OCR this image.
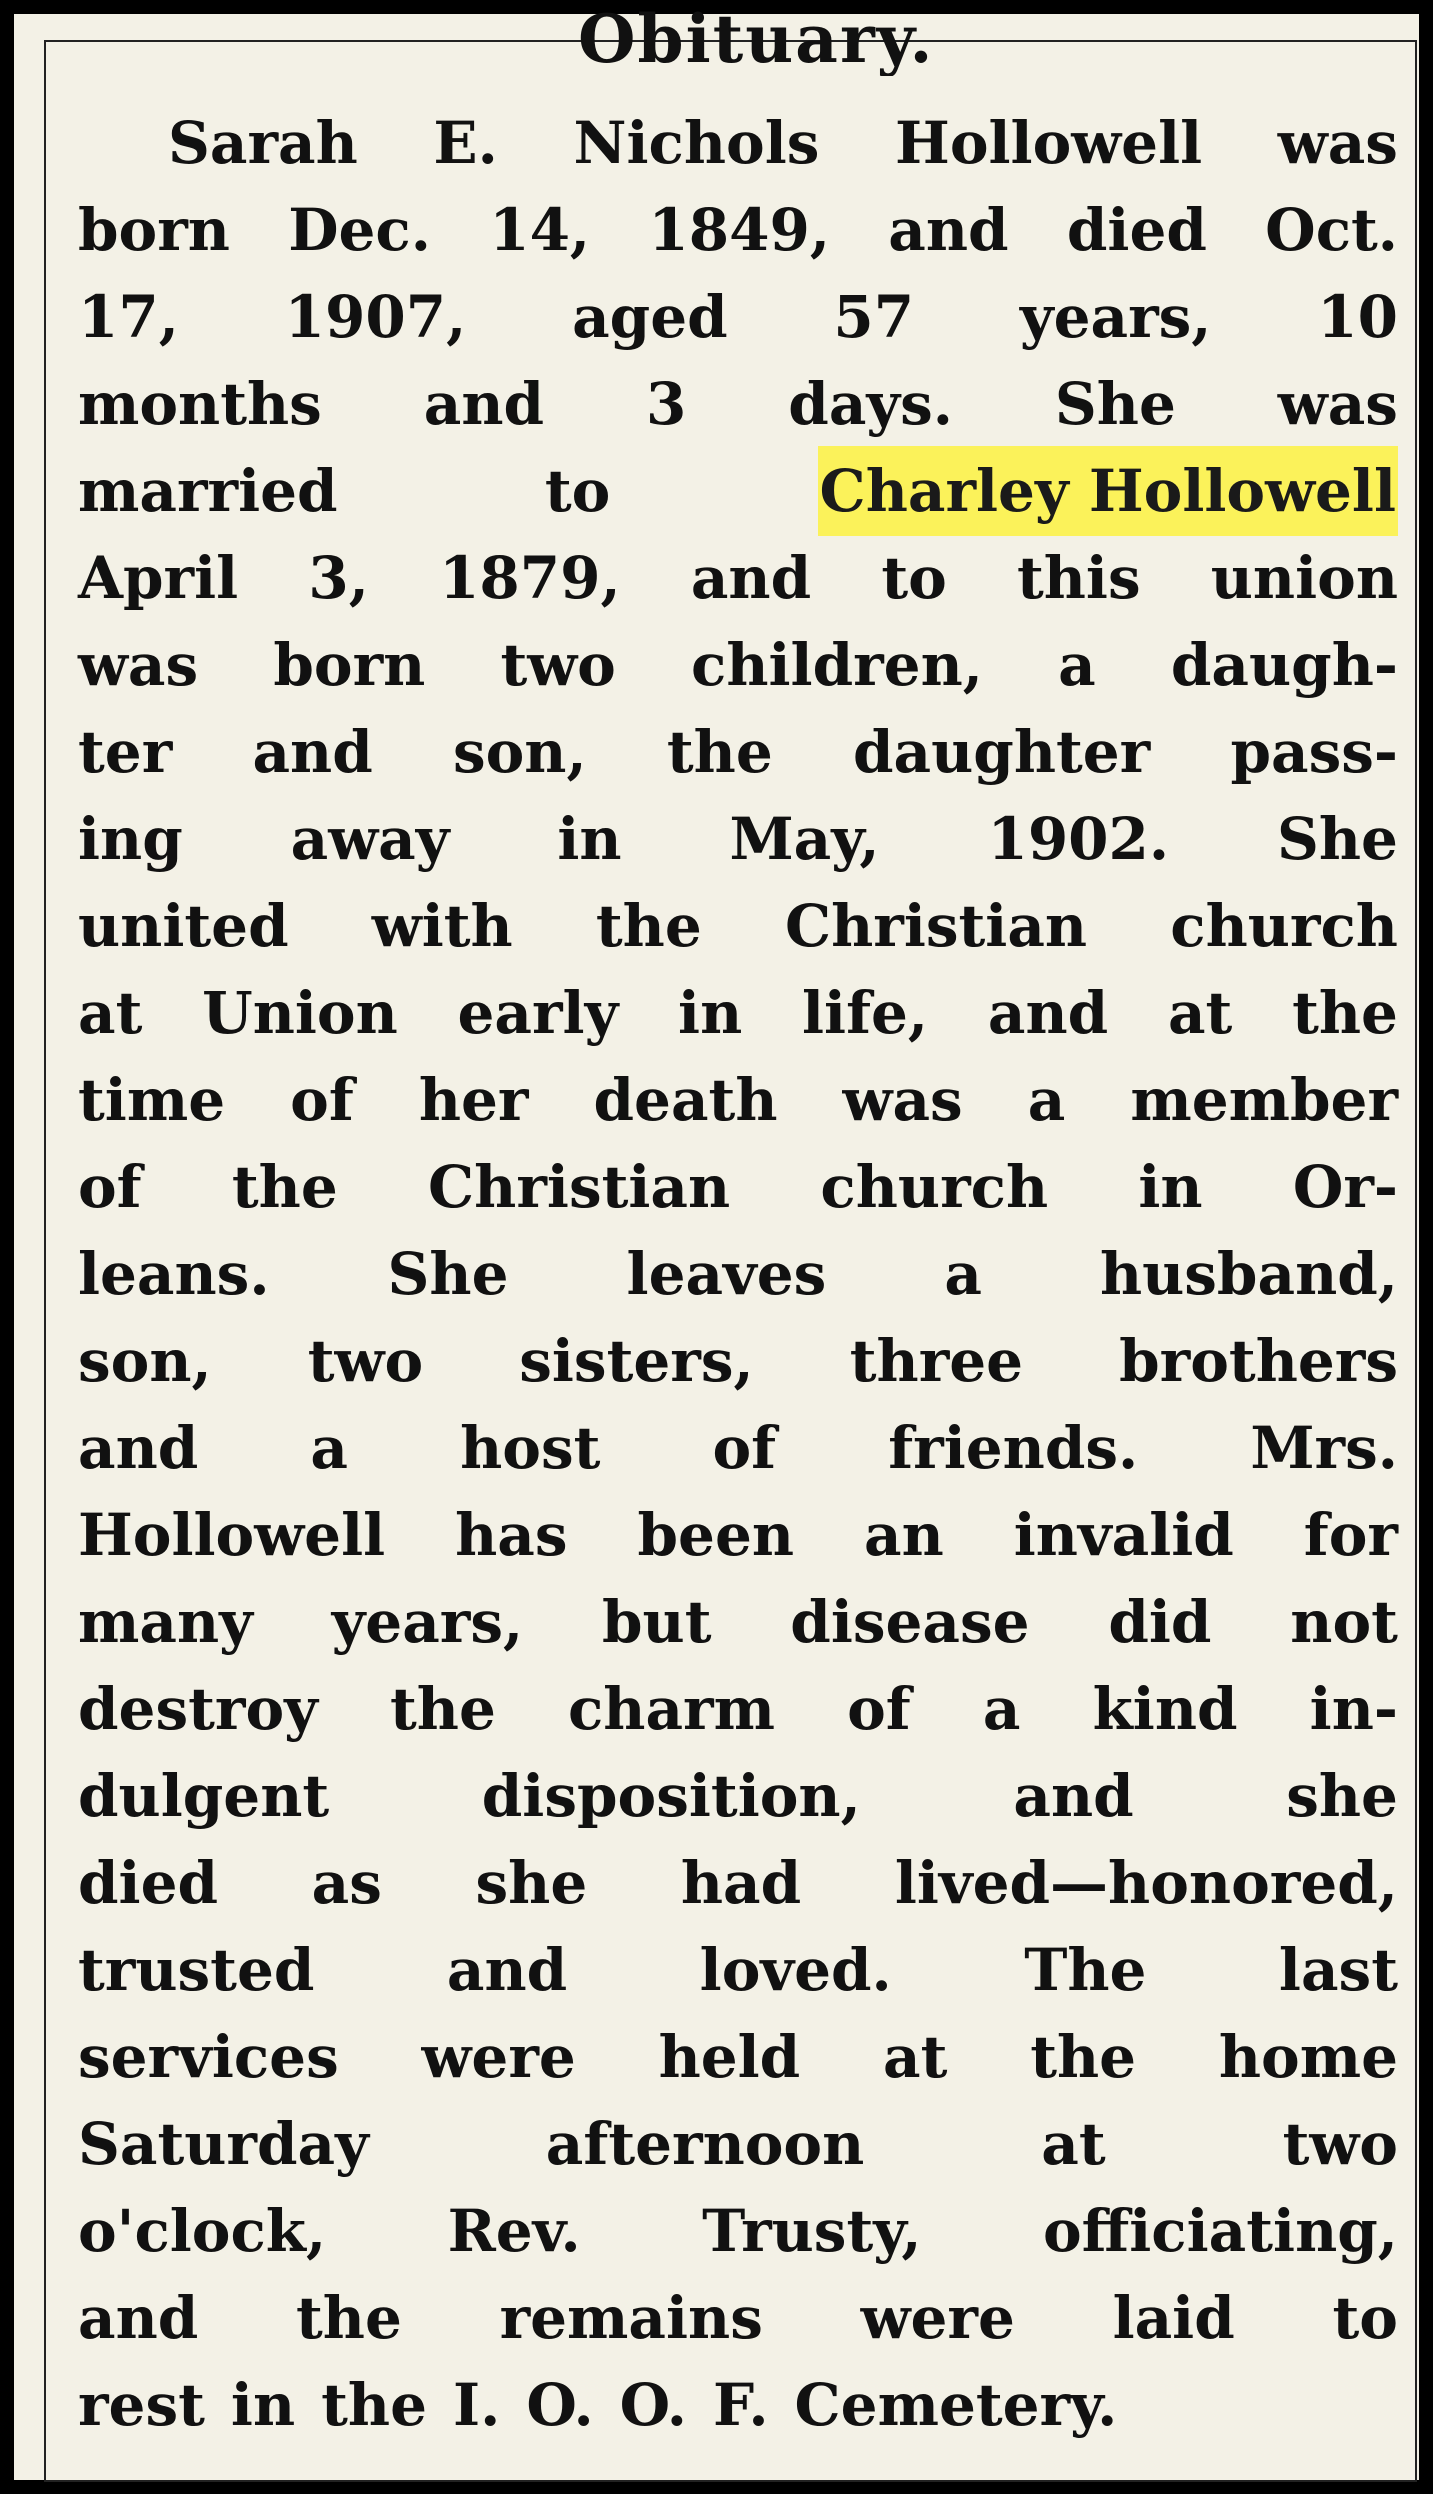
Obituary.
Sarah E. Nichols Hollowell was
born Dec. 14, 1849, and died Oct.
17, 1907, aged 57 years, 10
months and 3 days. She was
married	to	Charley Hollowell
April 3, 1879, and to this union
was born two children, a daugh-
ter and son, the daughter pass-
ing away in May, 1902. She
united with the Christian church
at Union early in life, and at the
time of her death was a member
of the Christian church in Or-
leans. She leaves a husband,
son, two sisters, three brothers
and a host of friends. Mrs.
Hollowell has been an invalid for
many years, but disease did not
destroy the charm of a kind in-
dulgent	disposition,	and	she
died as she had lived—honored,
trusted and loved. The last
services were held at the home
Saturday	afternoon	at	two
o'clock, Rev. Trusty, officiating,
and the remains were laid to
rest in the I. O. O. F. Cemetery.
